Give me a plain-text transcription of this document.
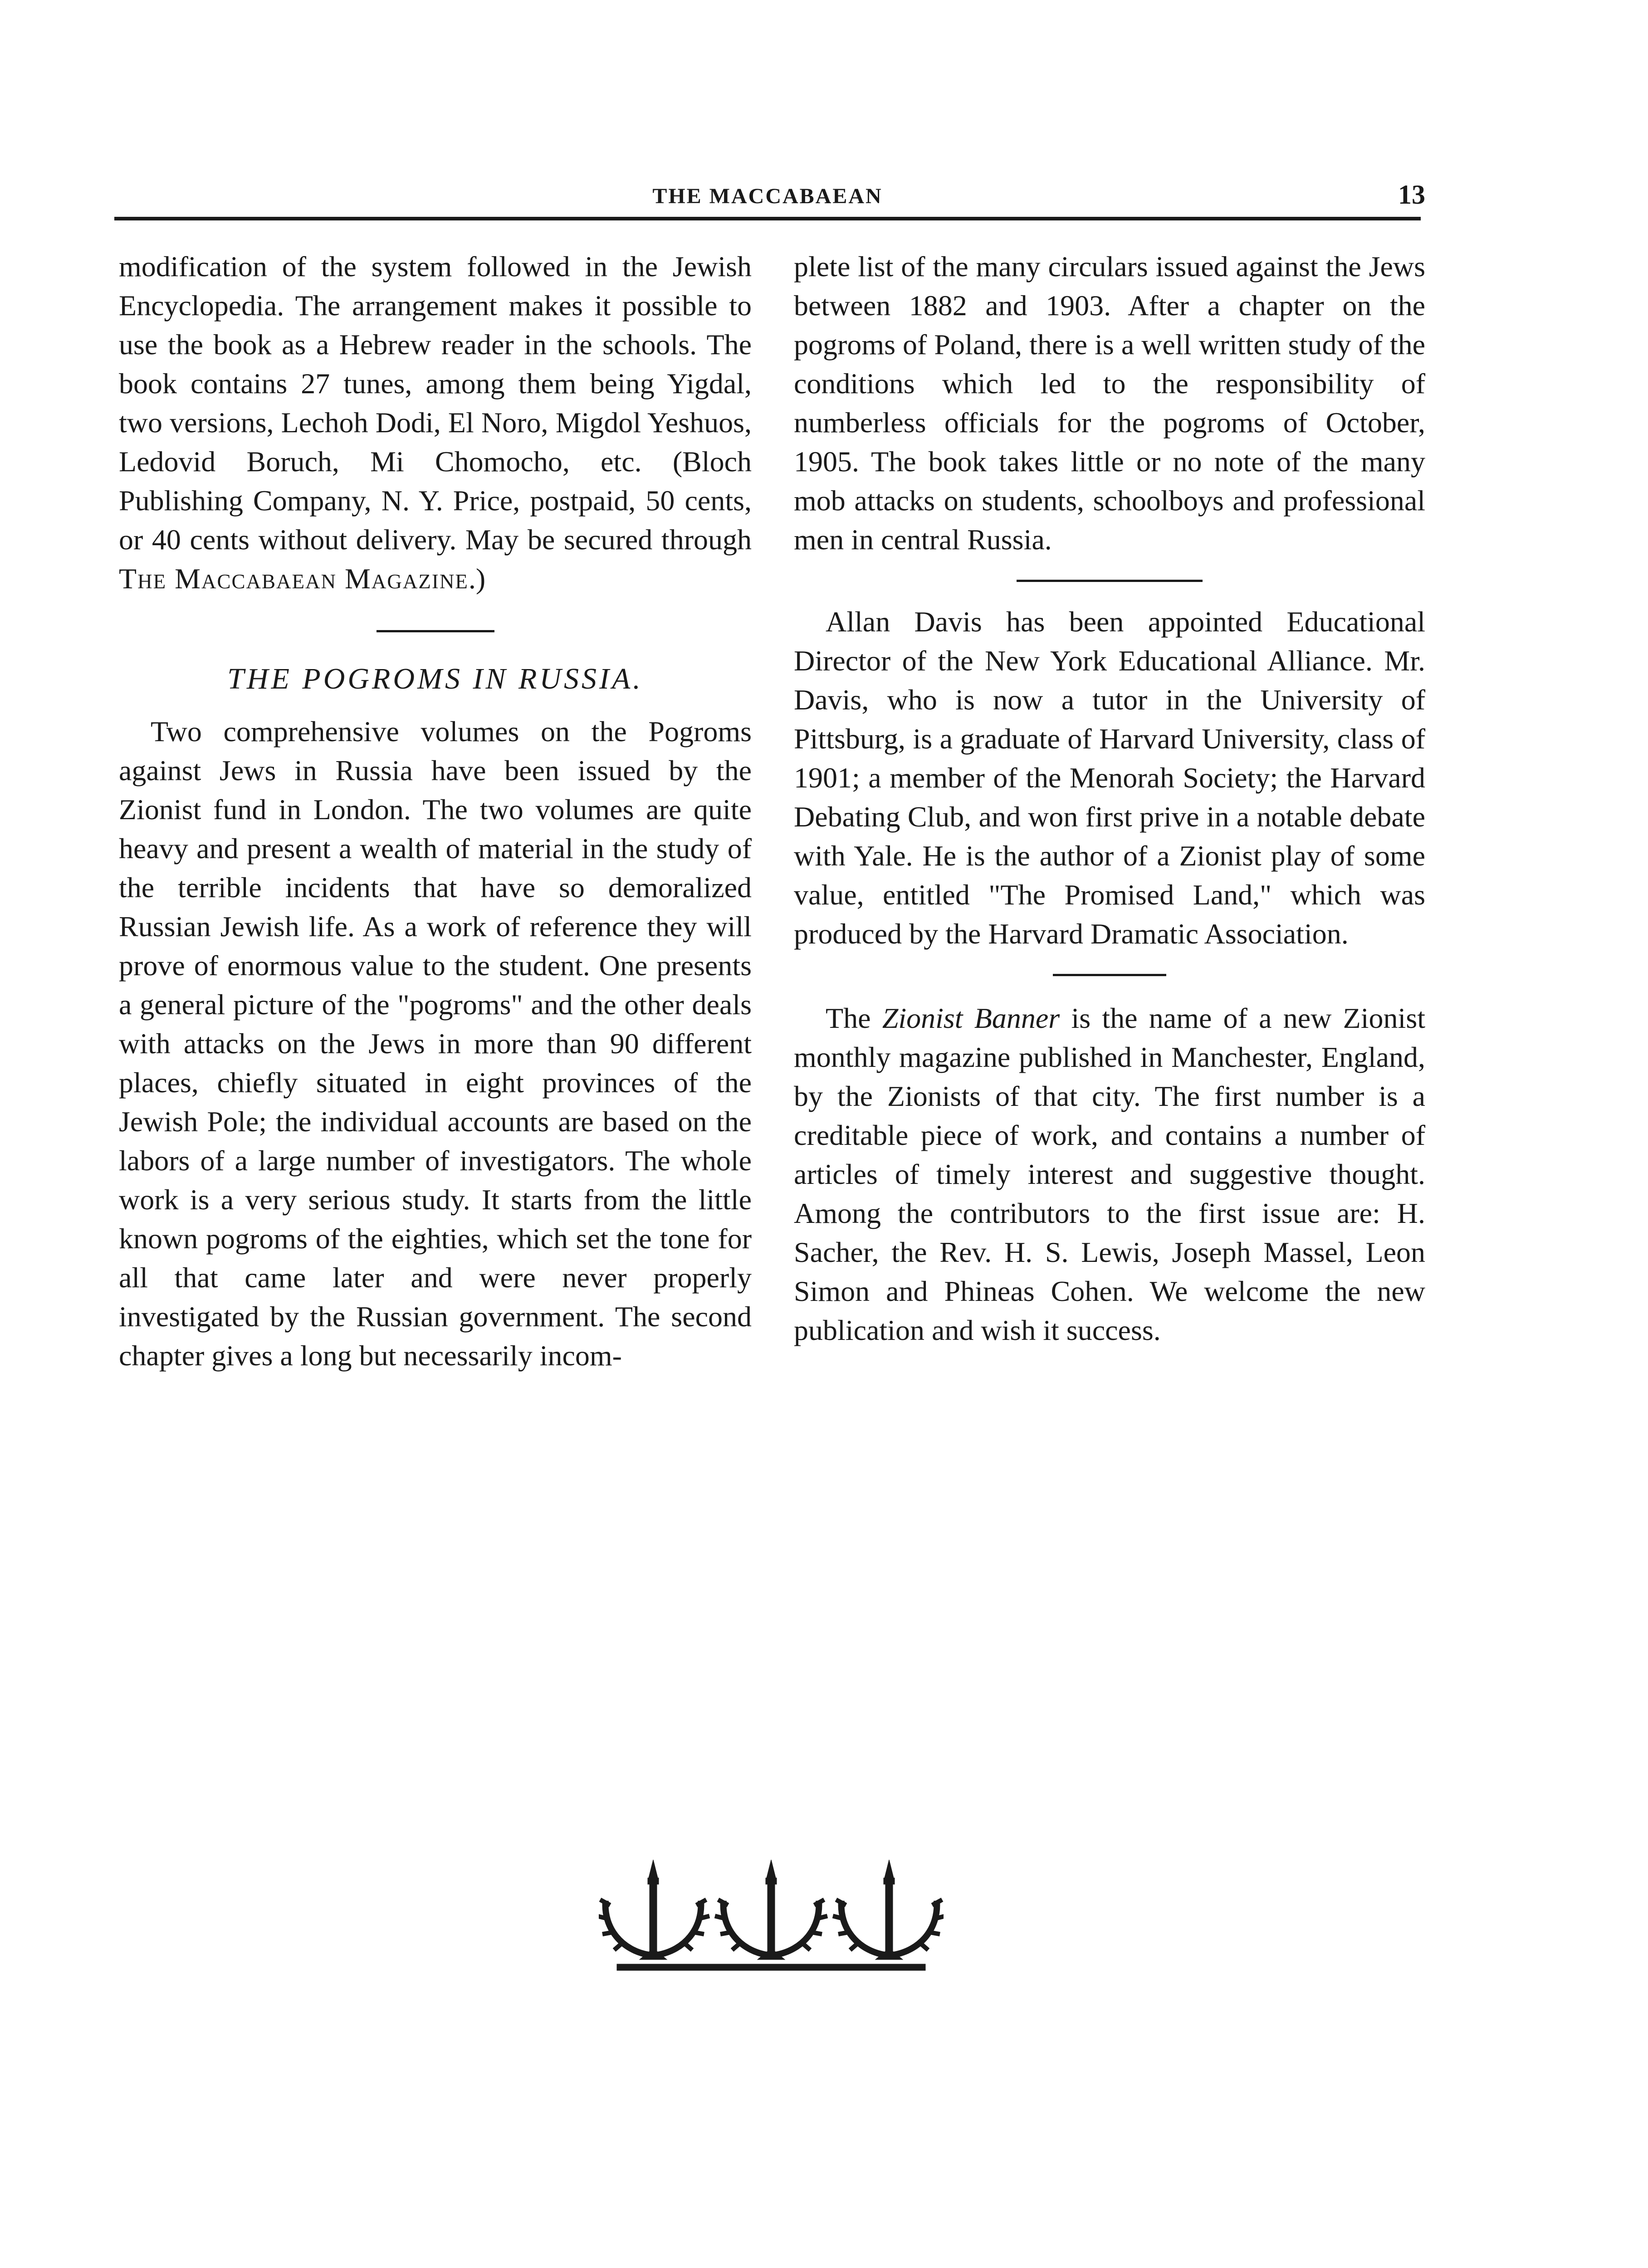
THE MACCABAEAN	13

modification of the system followed in the Jewish Encyclopedia. The arrangement makes it possible to use the book as a Hebrew reader in the schools. The book contains 27 tunes, among them being Yigdal, two versions, Lechoh Dodi, El Noro, Migdol Yeshuos, Ledovid Boruch, Mi Chomocho, etc. (Bloch Publishing Company, N. Y. Price, postpaid, 50 cents, or 40 cents without delivery. May be secured through The Maccabaean Magazine.)

THE POGROMS IN RUSSIA.

Two comprehensive volumes on the Pogroms against Jews in Russia have been issued by the Zionist fund in London. The two volumes are quite heavy and present a wealth of material in the study of the terrible incidents that have so demoralized Russian Jewish life. As a work of reference they will prove of enormous value to the student. One presents a general picture of the "pogroms" and the other deals with attacks on the Jews in more than 90 different places, chiefly situated in eight provinces of the Jewish Pole; the individual accounts are based on the labors of a large number of investigators. The whole work is a very serious study. It starts from the little known pogroms of the eighties, which set the tone for all that came later and were never properly investigated by the Russian government. The second chapter gives a long but necessarily incom-

plete list of the many circulars issued against the Jews between 1882 and 1903. After a chapter on the pogroms of Poland, there is a well written study of the conditions which led to the responsibility of numberless officials for the pogroms of October, 1905. The book takes little or no note of the many mob attacks on students, schoolboys and professional men in central Russia.

Allan Davis has been appointed Educational Director of the New York Educational Alliance. Mr. Davis, who is now a tutor in the University of Pittsburg, is a graduate of Harvard University, class of 1901; a member of the Menorah Society; the Harvard Debating Club, and won first prive in a notable debate with Yale. He is the author of a Zionist play of some value, entitled "The Promised Land," which was produced by the Harvard Dramatic Association.

The Zionist Banner is the name of a new Zionist monthly magazine published in Manchester, England, by the Zionists of that city. The first number is a creditable piece of work, and contains a number of articles of timely interest and suggestive thought. Among the contributors to the first issue are: H. Sacher, the Rev. H. S. Lewis, Joseph Massel, Leon Simon and Phineas Cohen. We welcome the new publication and wish it success.
